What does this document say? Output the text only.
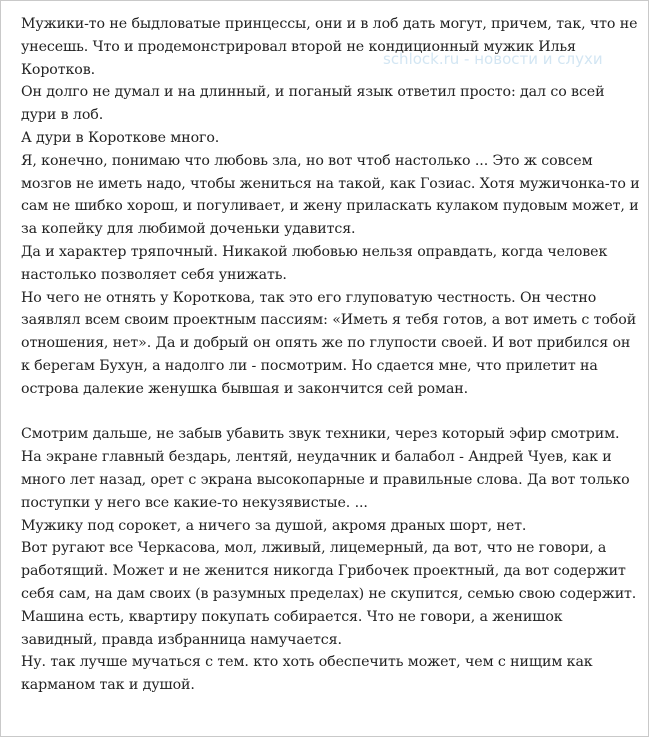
Мужики-то не быдловатые принцессы, они и в лоб дать могут, причем, так, что не унесешь. Что и продемонстрировал второй не кондиционный мужик Илья Коротков.

Он долго не думал и на длинный, и поганый язык ответил просто: дал со всей дури в лоб.

А дури в Короткове много.

Я, конечно, понимаю что любовь зла, но вот чтоб настолько ... Это ж совсем мозгов не иметь надо, чтобы жениться на такой, как Гозиас. Хотя мужичонка-то и сам не шибко хорош, и погуливает, и жену приласкать кулаком пудовым может, и за копейку для любимой доченьки удавится.

Да и характер тряпочный. Никакой любовью нельзя оправдать, когда человек настолько позволяет себя унижать.

Но чего не отнять у Короткова, так это его глуповатую честность. Он честно заявлял всем своим проектным пассиям: «Иметь я тебя готов, а вот иметь с тобой отношения, нет». Да и добрый он опять же по глупости своей. И вот прибился он к берегам Бухун, а надолго ли - посмотрим. Но сдается мне, что прилетит на острова далекие женушка бывшая и закончится сей роман.

Смотрим дальше, не забыв убавить звук техники, через который эфир смотрим. На экране главный бездарь, лентяй, неудачник и балабол - Андрей Чуев, как и много лет назад, орет с экрана высокопарные и правильные слова. Да вот только поступки у него все какие-то некузявистые. ...

Мужику под сорокет, а ничего за душой, акромя драных шорт, нет.

Вот ругают все Черкасова, мол, лживый, лицемерный, да вот, что не говори, а работящий. Может и не женится никогда Грибочек проектный, да вот содержит себя сам, на дам своих (в разумных пределах) не скупится, семью свою содержит.

Машина есть, квартиру покупать собирается. Что не говори, а женишок завидный, правда избранница намучается.

Ну. так лучше мучаться с тем. кто хоть обеспечить может, чем с нищим как карманом так и душой.

schlock.ru - новости и слухи
